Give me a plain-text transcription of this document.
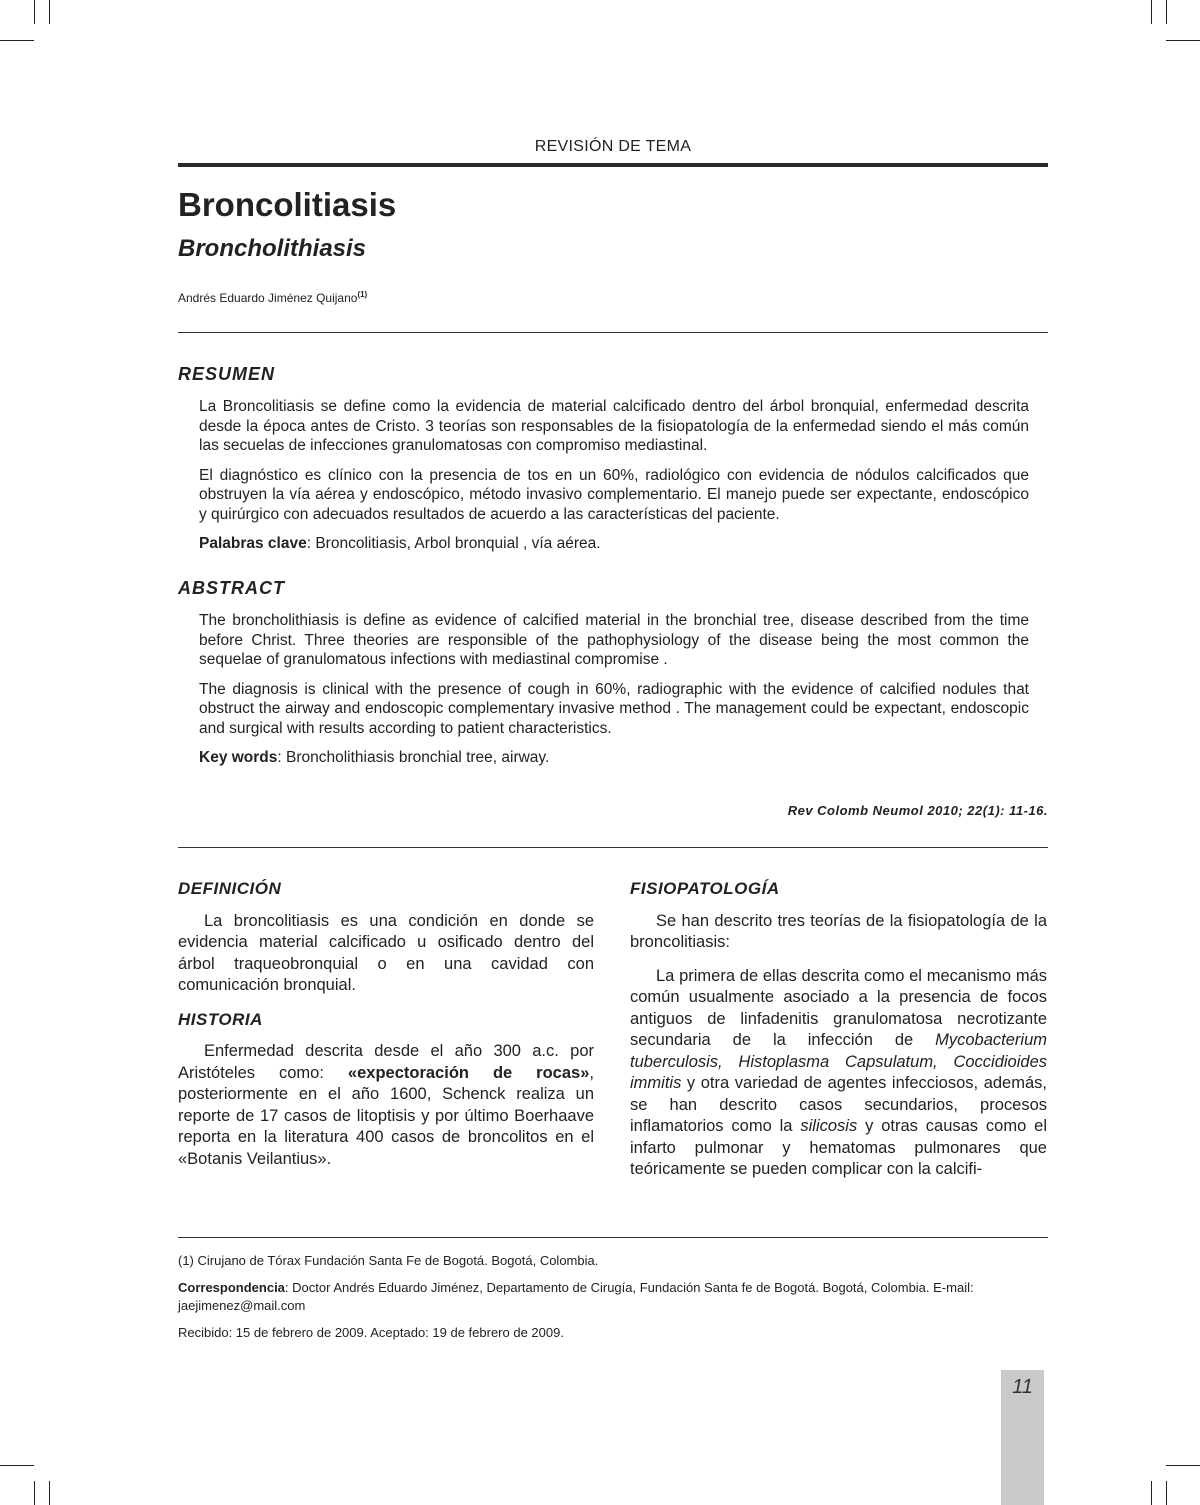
REVISIÓN DE TEMA
Broncolitiasis
Broncholithiasis
Andrés Eduardo Jiménez Quijano$^{(1)}$
RESUMEN

La Broncolitiasis se define como la evidencia de material calcificado dentro del árbol bronquial, enfermedad descrita desde la época antes de Cristo. 3 teorías son responsables de la fisiopatología de la enfermedad siendo el más común las secuelas de infecciones granulomatosas con compromiso mediastinal.

El diagnóstico es clínico con la presencia de tos en un 60%, radiológico con evidencia de nódulos calcificados que obstruyen la vía aérea y endoscópico, método invasivo complementario. El manejo puede ser expectante, endoscópico y quirúrgico con adecuados resultados de acuerdo a las características del paciente.

Palabras clave: Broncolitiasis, Arbol bronquial , vía aérea.

ABSTRACT

The broncholithiasis is define as evidence of calcified material in the bronchial tree, disease described from the time before Christ. Three theories are responsible of the pathophysiology of the disease being the most common the sequelae of granulomatous infections with mediastinal compromise .

The diagnosis is clinical with the presence of cough in 60%, radiographic with the evidence of calcified nodules that obstruct the airway and endoscopic complementary invasive method . The management could be expectant, endoscopic and surgical with results according to patient characteristics.

Key words: Broncholithiasis bronchial tree, airway.

Rev Colomb Neumol 2010; 22(1): 11-16.
DEFINICIÓN

La broncolitiasis es una condición en donde se evidencia material calcificado u osificado dentro del árbol traqueobronquial o en una cavidad con comunicación bronquial.

HISTORIA

Enfermedad descrita desde el año 300 a.c. por Aristóteles como: «expectoración de rocas», posteriormente en el año 1600, Schenck realiza un reporte de 17 casos de litoptisis y por último Boerhaave reporta en la literatura 400 casos de broncolitos en el «Botanis Veilantius».

FISIOPATOLOGÍA

Se han descrito tres teorías de la fisiopatología de la broncolitiasis:

La primera de ellas descrita como el mecanismo más común usualmente asociado a la presencia de focos antiguos de linfadenitis granulomatosa necrotizante secundaria de la infección de Mycobacterium tuberculosis, Histoplasma Capsulatum, Coccidioides immitis y otra variedad de agentes infecciosos, además, se han descrito casos secundarios, procesos inflamatorios como la silicosis y otras causas como el infarto pulmonar y hematomas pulmonares que teóricamente se pueden complicar con la calcifi-

(1) Cirujano de Tórax Fundación Santa Fe de Bogotá. Bogotá, Colombia.

Correspondencia: Doctor Andrés Eduardo Jiménez, Departamento de Cirugía, Fundación Santa fe de Bogotá. Bogotá, Colombia. E-mail: jaejimenez@mail.com

Recibido: 15 de febrero de 2009. Aceptado: 19 de febrero de 2009.

11
